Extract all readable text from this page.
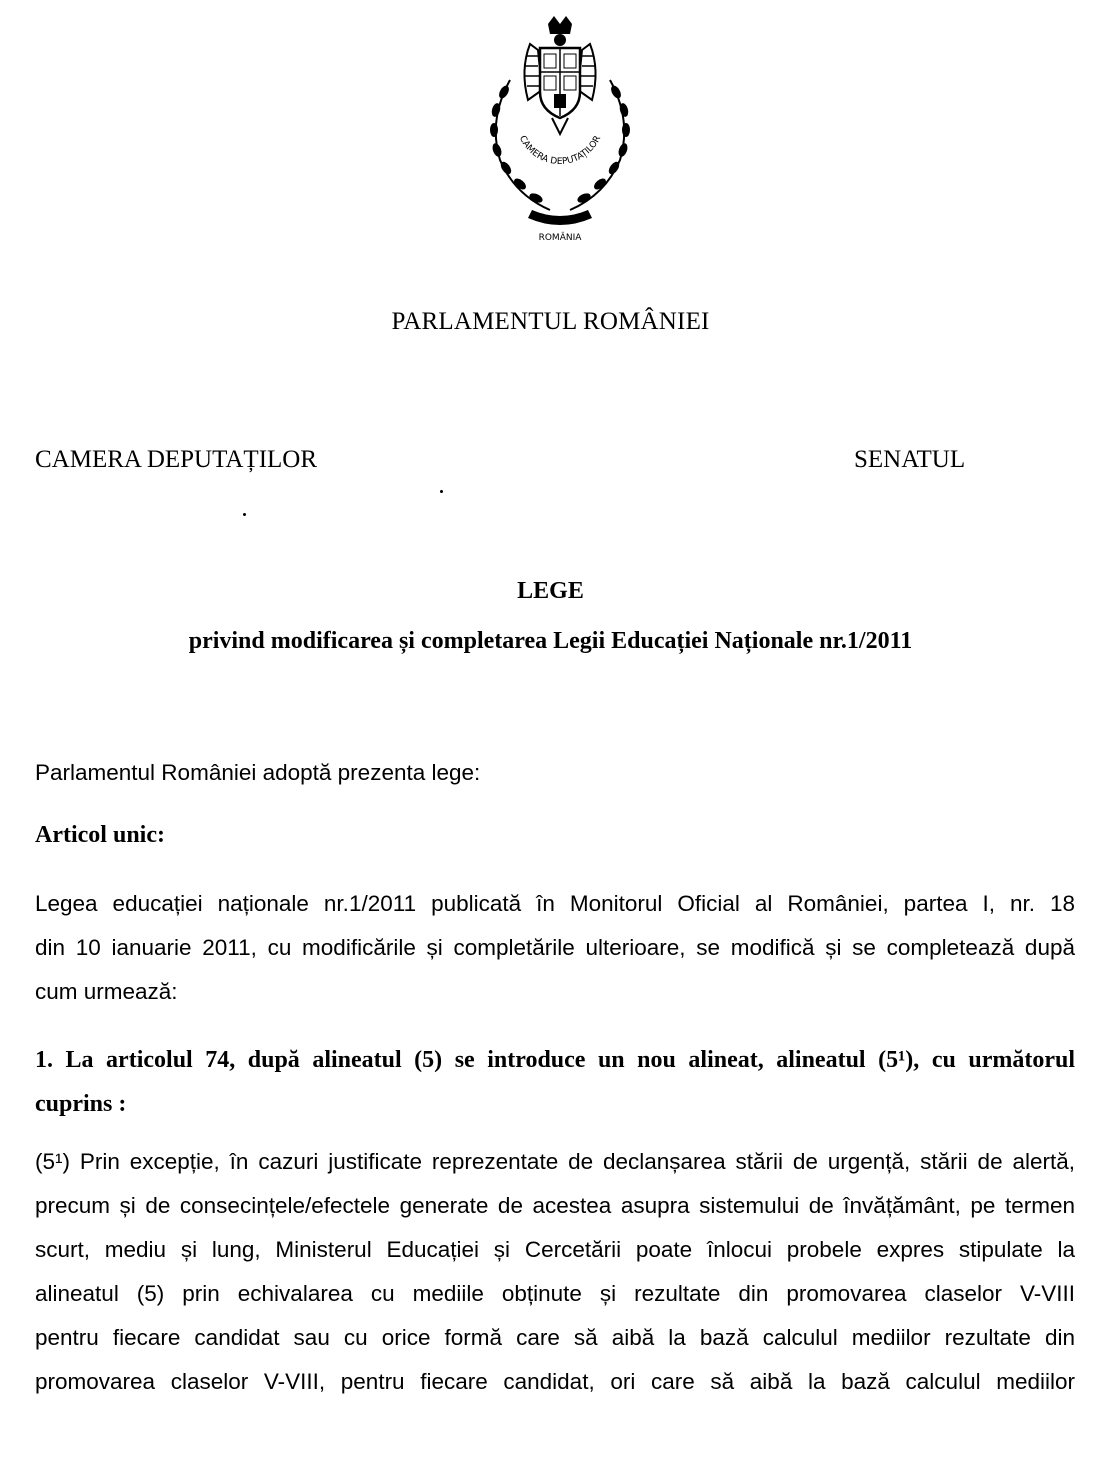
CAMERA DEPUTAȚILOR
ROMÂNIA
PARLAMENTUL ROMÂNIEI
CAMERA DEPUTAȚILOR	SENATUL
LEGE
privind modificarea și completarea Legii Educației Naționale nr.1/2011
Parlamentul României adoptă prezenta lege:
Articol unic:
Legea educației naționale nr.1/2011 publicată în Monitorul Oficial al României, partea I, nr. 18
din 10 ianuarie 2011, cu modificările și completările ulterioare, se modifică și se completează după
cum urmează:
1. La articolul 74, după alineatul (5) se introduce un nou alineat, alineatul (5¹), cu următorul
cuprins :
(5¹) Prin excepție, în cazuri justificate reprezentate de declanșarea stării de urgență, stării de alertă,
precum și de consecințele/efectele generate de acestea asupra sistemului de învățământ, pe termen
scurt, mediu și lung, Ministerul Educației și Cercetării poate înlocui probele expres stipulate la
alineatul (5) prin echivalarea cu mediile obținute și rezultate din promovarea claselor V-VIII
pentru fiecare candidat sau cu orice formă care să aibă la bază calculul mediilor rezultate din
promovarea claselor V-VIII, pentru fiecare candidat, ori care să aibă la bază calculul mediilor
